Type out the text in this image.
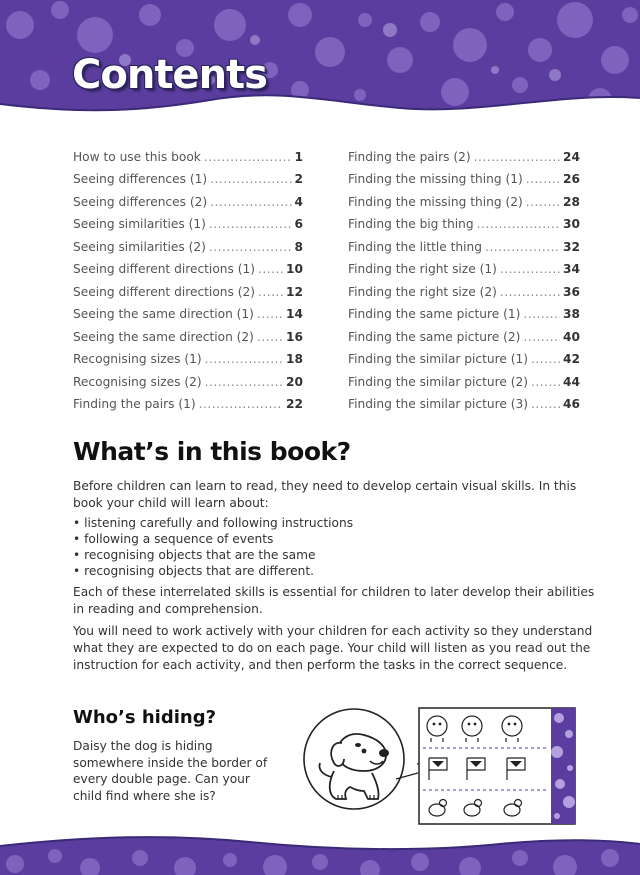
Contents
How to use this book .....	1
Seeing differences (1) .....	2
Seeing differences (2) .....	4
Seeing similarities (1) .....	6
Seeing similarities (2) .....	8
Seeing different directions (1) .....	10
Seeing different directions (2) .....	12
Seeing the same direction (1) .....	14
Seeing the same direction (2) .....	16
Recognising sizes (1) .....	18
Recognising sizes (2) .....	20
Finding the pairs (1) .....	22
Finding the pairs (2) .....	24
Finding the missing thing (1) .....	26
Finding the missing thing (2) .....	28
Finding the big thing .....	30
Finding the little thing .....	32
Finding the right size (1) .....	34
Finding the right size (2) .....	36
Finding the same picture (1) .....	38
Finding the same picture (2) .....	40
Finding the similar picture (1) .....	42
Finding the similar picture (2) .....	44
Finding the similar picture (3) .....	46
What’s in this book?

Before children can learn to read, they need to develop certain visual skills. In this book your child will learn about:

• listening carefully and following instructions
• following a sequence of events
• recognising objects that are the same
• recognising objects that are different.

Each of these interrelated skills is essential for children to later develop their abilities in reading and comprehension.

You will need to work actively with your children for each activity so they understand what they are expected to do on each page. Your child will listen as you read out the instruction for each activity, and then perform the tasks in the correct sequence.

Who’s hiding?

Daisy the dog is hiding somewhere inside the border of every double page. Can your child find where she is?
